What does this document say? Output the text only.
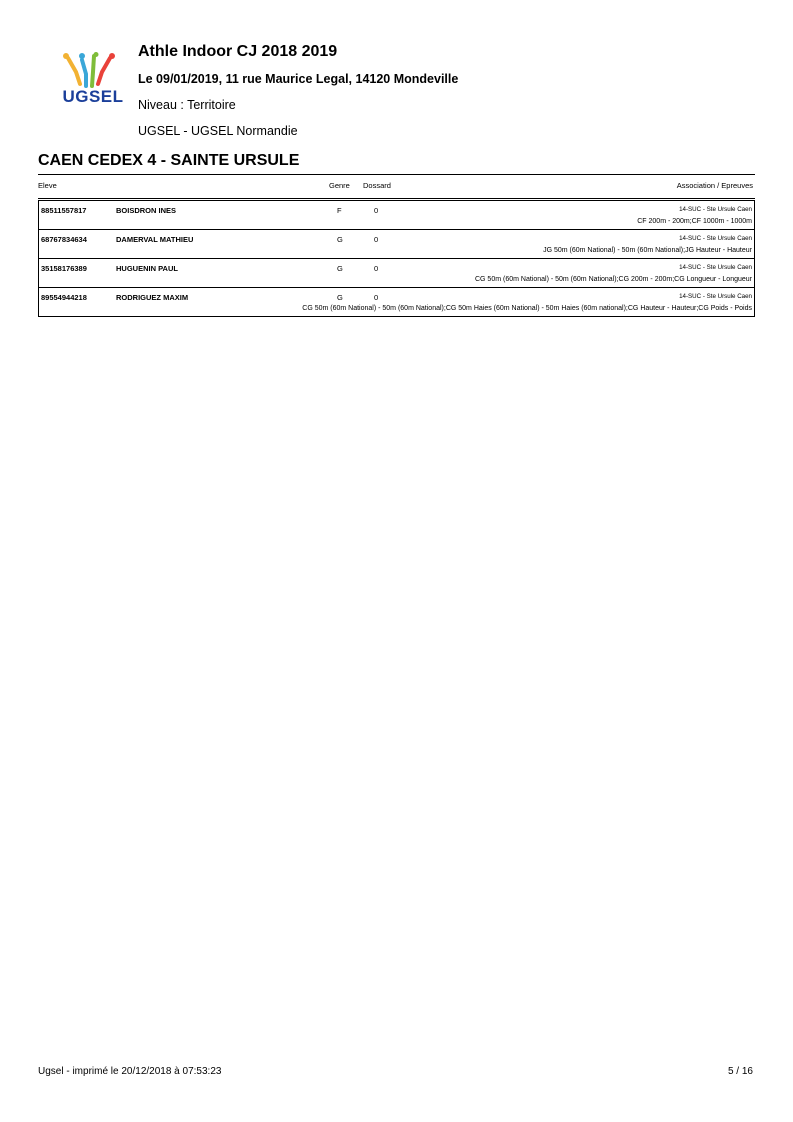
UGSEL
Athle Indoor CJ 2018 2019
Le 09/01/2019, 11 rue Maurice Legal, 14120 Mondeville
Niveau : Territoire
UGSEL - UGSEL Normandie
CAEN CEDEX 4 - SAINTE URSULE
Eleve	Genre Dossard	Association / Epreuves
88511557817	BOISDRON INES	F	0	14-SUC - Ste Ursule Caen
CF 200m - 200m;CF 1000m - 1000m
68767834634	DAMERVAL MATHIEU	G	0	14-SUC - Ste Ursule Caen
JG 50m (60m National) - 50m (60m National);JG Hauteur - Hauteur
35158176389	HUGUENIN PAUL	G	0	14-SUC - Ste Ursule Caen
CG 50m (60m National) - 50m (60m National);CG 200m - 200m;CG Longueur - Longueur
89554944218	RODRIGUEZ MAXIM	G	0	14-SUC - Ste Ursule Caen
CG 50m (60m National) - 50m (60m National);CG 50m Haies (60m National) - 50m Haies (60m national);CG Hauteur - Hauteur;CG Poids - Poids
Ugsel - imprimé le 20/12/2018 à 07:53:23	5 / 16
